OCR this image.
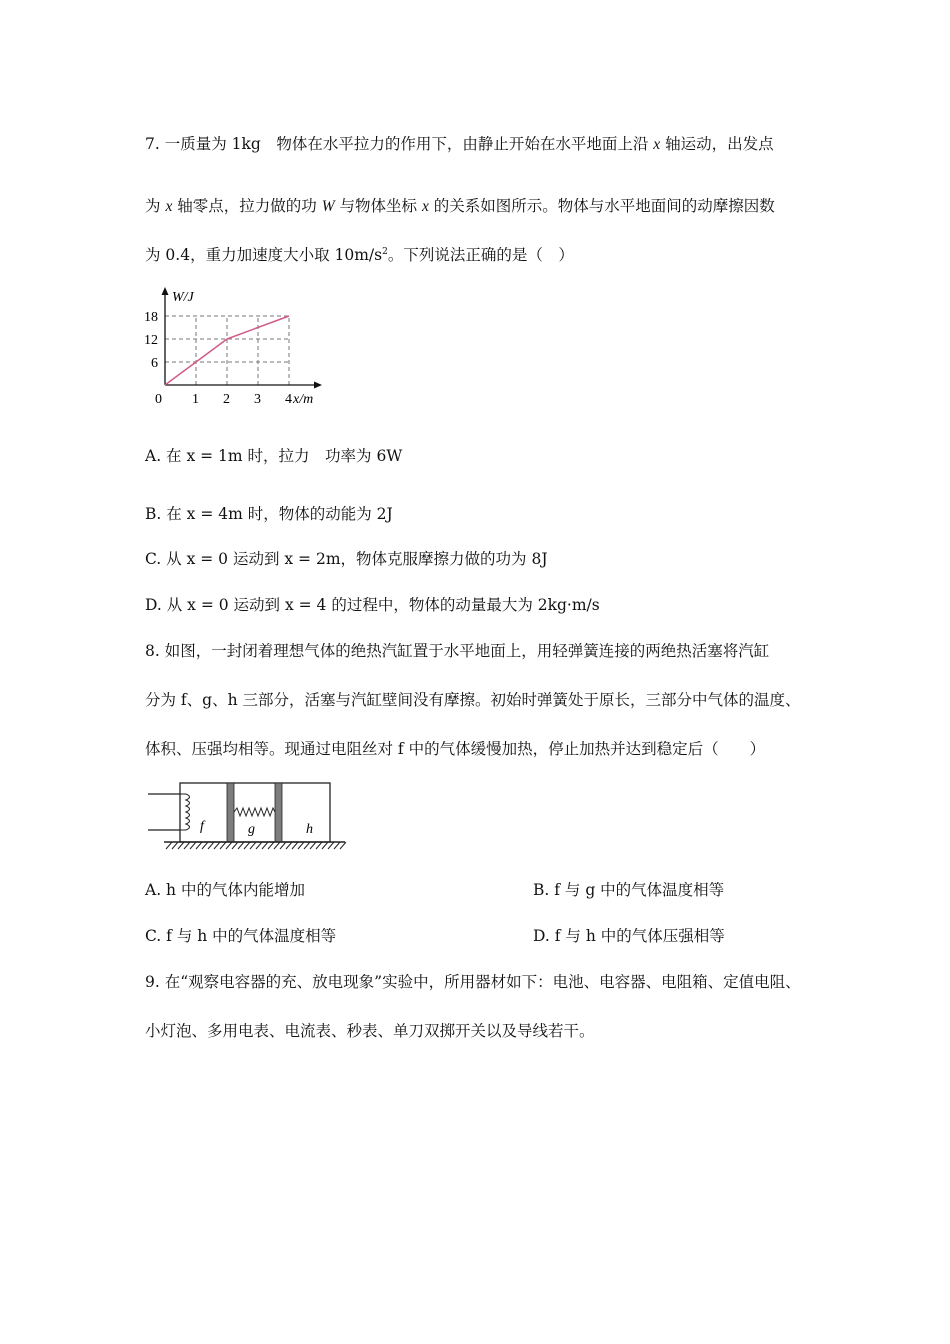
7. 一质量为 1kg　物体在水平拉力的作用下，由静止开始在水平地面上沿 x 轴运动，出发点
为 x 轴零点，拉力做的功 W 与物体坐标 x 的关系如图所示。物体与水平地面间的动摩擦因数
为 0.4，重力加速度大小取 $10m/s^2$。下列说法正确的是（　）
1 2 3 4
6
12
18
W/J
x/m
0
A. 在 x = 1m 时，拉力　功率为 6W
B. 在 x = 4m 时，物体的动能为 2J
C. 从 x = 0 运动到 x = 2m，物体克服摩擦力做的功为 8J
D. 从 x = 0 运动到 x = 4 的过程中，物体的动量最大为 2kg·m/s
8. 如图，一封闭着理想气体的绝热汽缸置于水平地面上，用轻弹簧连接的两绝热活塞将汽缸
分为 f、g、h 三部分，活塞与汽缸壁间没有摩擦。初始时弹簧处于原长，三部分中气体的温度、
体积、压强均相等。现通过电阻丝对 f 中的气体缓慢加热，停止加热并达到稳定后（　　）
f	g	h
A. h 中的气体内能增加	B. f 与 g 中的气体温度相等
C. f 与 h 中的气体温度相等	D. f 与 h 中的气体压强相等
9. 在“观察电容器的充、放电现象”实验中，所用器材如下：电池、电容器、电阻箱、定值电阻、
小灯泡、多用电表、电流表、秒表、单刀双掷开关以及导线若干。
